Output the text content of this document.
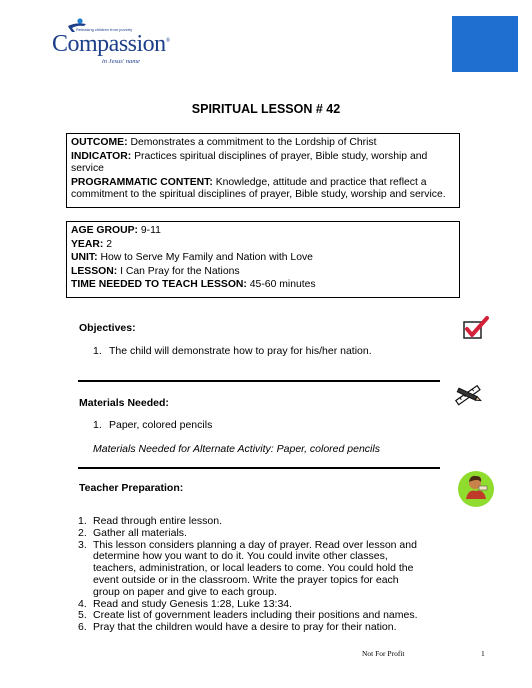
Releasing children from poverty
Compassion®
in Jesus' name
SPIRITUAL LESSON # 42
OUTCOME: Demonstrates a commitment to the Lordship of Christ
INDICATOR: Practices spiritual disciplines of prayer, Bible study, worship and service
PROGRAMMATIC CONTENT: Knowledge, attitude and practice that reflect a commitment to the spiritual disciplines of prayer, Bible study, worship and service.
AGE GROUP: 9-11
YEAR: 2
UNIT: How to Serve My Family and Nation with Love
LESSON: I Can Pray for the Nations
TIME NEEDED TO TEACH LESSON: 45-60 minutes
Objectives:
1. The child will demonstrate how to pray for his/her nation.
Materials Needed:
1. Paper, colored pencils
Materials Needed for Alternate Activity: Paper, colored pencils
Teacher Preparation:
1. Read through entire lesson.
2. Gather all materials.
3. This lesson considers planning a day of prayer. Read over lesson and determine how you want to do it. You could invite other classes, teachers, administration, or local leaders to come. You could hold the event outside or in the classroom. Write the prayer topics for each group on paper and give to each group.
4. Read and study Genesis 1:28, Luke 13:34.
5. Create list of government leaders including their positions and names.
6. Pray that the children would have a desire to pray for their nation.
Not For Profit	1
